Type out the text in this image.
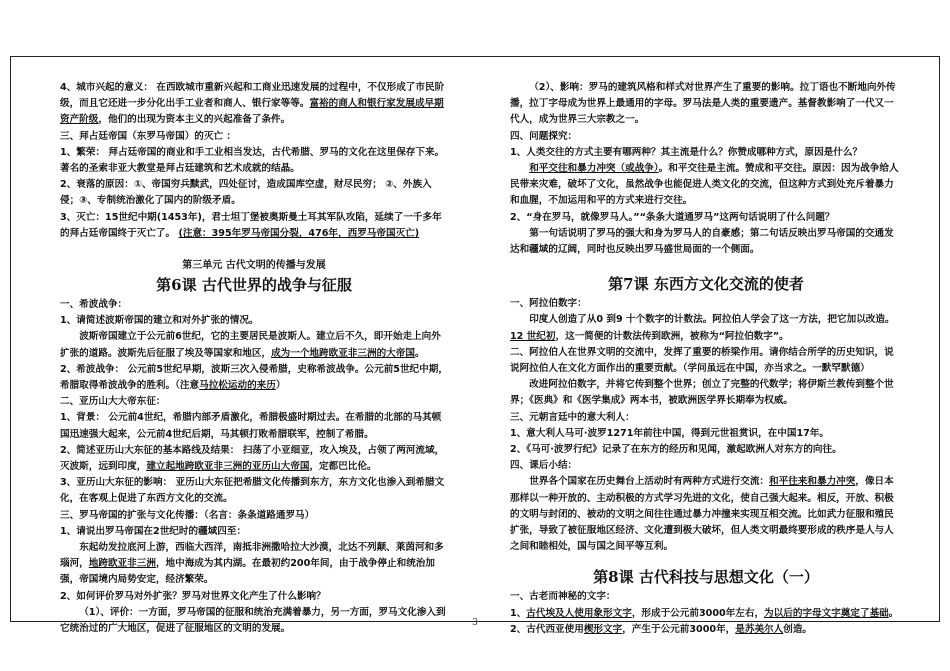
4、城市兴起的意义： 在西欧城市重新兴起和工商业迅速发展的过程中，不仅形成了市民阶级，而且它还进一步分化出手工业者和商人、银行家等等。富裕的商人和银行家发展成早期资产阶级，他们的出现为资本主义的兴起准备了条件。

三、拜占廷帝国（东罗马帝国）的灭亡 ：

1、繁荣： 拜占廷帝国的商业和手工业相当发达，古代希腊、罗马的文化在这里保存下来。著名的圣索非亚大教堂是拜占廷建筑和艺术成就的结晶。

2、衰落的原因：①、帝国穷兵黩武，四处征讨，造成国库空虚，财尽民穷； ②、外族入侵；③、专制统治激化了国内的阶级矛盾。

3、灭亡：15世纪中期(1453年)，君士坦丁堡被奥斯曼土耳其军队攻陷，延续了一千多年的拜占廷帝国终于灭亡了。 (注意：395年罗马帝国分裂，476年，西罗马帝国灭亡)

第三单元 古代文明的传播与发展

第6课 古代世界的战争与征服

一、希波战争：

1、请简述波斯帝国的建立和对外扩张的情况。

波斯帝国建立于公元前6世纪，它的主要居民是波斯人。建立后不久，即开始走上向外扩张的道路。波斯先后征服了埃及等国家和地区，成为一个地跨欧亚非三洲的大帝国。

2、希波战争： 公元前5世纪早期，波斯三次入侵希腊，史称希波战争。公元前5世纪中期，希腊取得希波战争的胜利。（注意马拉松运动的来历）

二、亚历山大大帝东征：

1、背景： 公元前4世纪，希腊内部矛盾激化，希腊极盛时期过去。在希腊的北部的马其顿国迅速强大起来，公元前4世纪后期，马其顿打败希腊联军，控制了希腊。

2、简述亚历山大东征的基本路线及结果： 扫荡了小亚细亚，攻入埃及，占领了两河流域，灭波斯，远到印度，建立起地跨欧亚非三洲的亚历山大帝国，定都巴比伦。

3、亚历山大东征的影响： 亚历山大东征把希腊文化传播到东方，东方文化也渗入到希腊文化，在客观上促进了东西方文化的交流。

三、罗马帝国的扩张与文化传播：（名言：条条道路通罗马）

1、请说出罗马帝国在2世纪时的疆域四至：

东起幼发拉底河上游，西临大西洋，南抵非洲撒哈拉大沙漠，北达不列颠、莱茵河和多瑙河，地跨欧亚非三洲，地中海成为其内湖。在最初约200年间，由于战争停止和统治加强，帝国境内局势安定，经济繁荣。

2、如何评价罗马对外扩张？罗马对世界文化产生了什么影响？

（1）、评价：一方面，罗马帝国的征服和统治充满着暴力，另一方面，罗马文化渗入到它统治过的广大地区，促进了征服地区的文明的发展。

（2）、影响：罗马的建筑风格和样式对世界产生了重要的影响。拉丁语也不断地向外传播，拉丁字母成为世界上最通用的字母。罗马法是人类的重要遗产。基督教影响了一代又一代人，成为世界三大宗教之一。

四、问题探究：

1、人类交往的方式主要有哪两种？其主流是什么？你赞成哪种方式，原因是什么？

和平交往和暴力冲突（或战争）。和平交往是主流。赞成和平交往。原因：因为战争给人民带来灾难，破坏了文化，虽然战争也能促进人类文化的交流，但这种方式到处充斥着暴力和血腥，不加运用和平的方式来进行交往。

2、“身在罗马，就像罗马人。”“条条大道通罗马”这两句话说明了什么问题？

第一句话说明了罗马的强大和身为罗马人的自豪感；第二句话反映出罗马帝国的交通发达和疆域的辽阔，同时也反映出罗马盛世局面的一个侧面。

第7课 东西方文化交流的使者

一、阿拉伯数字：

印度人创造了从0 到9 十个数字的计数法。阿拉伯人学会了这一方法，把它加以改造。12 世纪初，这一简便的计数法传到欧洲，被称为“阿拉伯数字”。

二、阿拉伯人在世界文明的交流中，发挥了重要的桥梁作用。请你结合所学的历史知识，说说阿拉伯人在文化方面作出的重要贡献。（学问虽远在中国，亦当求之。一默罕默德）

改进阿拉伯数字，并将它传到整个世界；创立了完整的代数学；将伊斯兰教传到整个世界；《医典》和《医学集成》两本书，被欧洲医学界长期奉为权威。

三、元朝言廷中的意大利人：

1、意大利人马可·波罗1271年前往中国，得到元世祖赏识，在中国17年。

2、《马可·波罗行纪》记录了在东方的经历和见闻，激起欧洲人对东方的向往。

四、课后小结：

世界各个国家在历史舞台上活动时有两种方式进行交流：和平往来和暴力冲突，像日本那样以一种开放的、主动积极的方式学习先进的文化，使自己强大起来。相反，开放、积极的文明与封闭的、被动的文明之间往往通过暴力冲撞来实现互相交流。比如武力征服和殖民扩张，导致了被征服地区经济、文化遭到极大破坏，但人类文明最终要形成的秩序是人与人之间和睦相处，国与国之间平等互利。

第8课 古代科技与思想文化（一）

一、古老而神秘的文字：

1、古代埃及人使用象形文字，形成于公元前3000年左右，为以后的字母文字奠定了基础。

2、古代西亚使用楔形文字，产生于公元前3000年，是苏美尔人创造。

3
